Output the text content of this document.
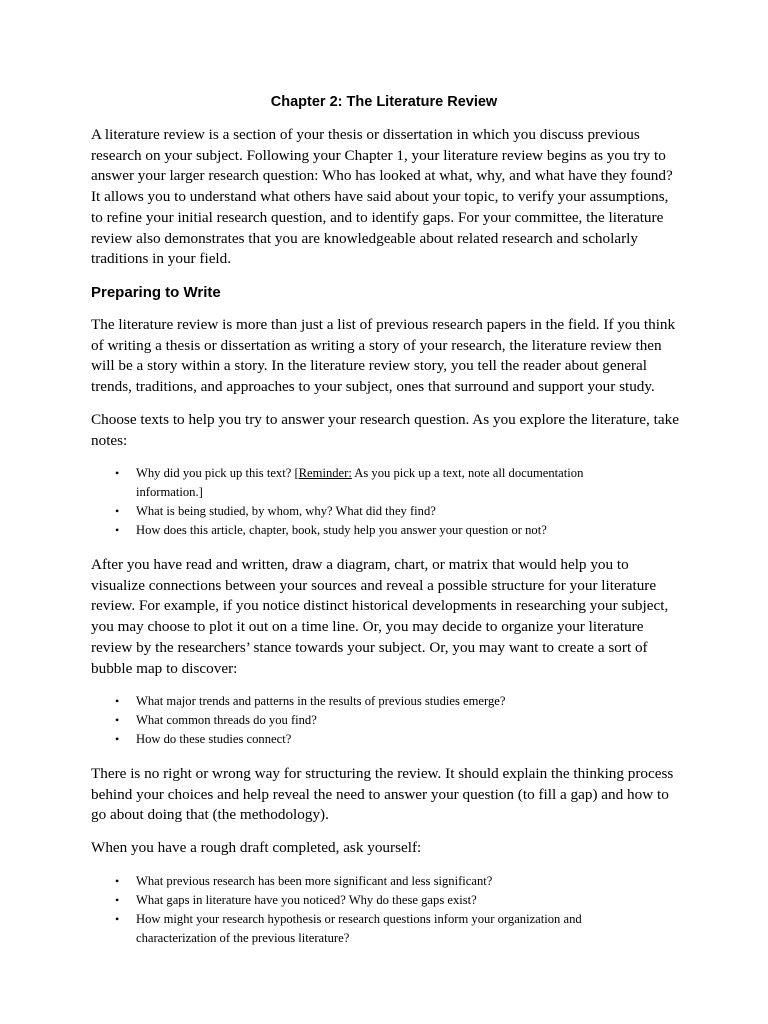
Chapter 2: The Literature Review

A literature review is a section of your thesis or dissertation in which you discuss previous
research on your subject. Following your Chapter 1, your literature review begins as you try to
answer your larger research question: Who has looked at what, why, and what have they found?
It allows you to understand what others have said about your topic, to verify your assumptions,
to refine your initial research question, and to identify gaps. For your committee, the literature
review also demonstrates that you are knowledgeable about related research and scholarly
traditions in your field.

Preparing to Write

The literature review is more than just a list of previous research papers in the field. If you think
of writing a thesis or dissertation as writing a story of your research, the literature review then
will be a story within a story. In the literature review story, you tell the reader about general
trends, traditions, and approaches to your subject, ones that surround and support your study.

Choose texts to help you try to answer your research question. As you explore the literature, take
notes:

• Why did you pick up this text? [Reminder: As you pick up a text, note all documentation
information.]
• What is being studied, by whom, why? What did they find?
• How does this article, chapter, book, study help you answer your question or not?

After you have read and written, draw a diagram, chart, or matrix that would help you to
visualize connections between your sources and reveal a possible structure for your literature
review. For example, if you notice distinct historical developments in researching your subject,
you may choose to plot it out on a time line. Or, you may decide to organize your literature
review by the researchers’ stance towards your subject. Or, you may want to create a sort of
bubble map to discover:

• What major trends and patterns in the results of previous studies emerge?
• What common threads do you find?
• How do these studies connect?

There is no right or wrong way for structuring the review. It should explain the thinking process
behind your choices and help reveal the need to answer your question (to fill a gap) and how to
go about doing that (the methodology).

When you have a rough draft completed, ask yourself:

• What previous research has been more significant and less significant?
• What gaps in literature have you noticed? Why do these gaps exist?
• How might your research hypothesis or research questions inform your organization and
characterization of the previous literature?
